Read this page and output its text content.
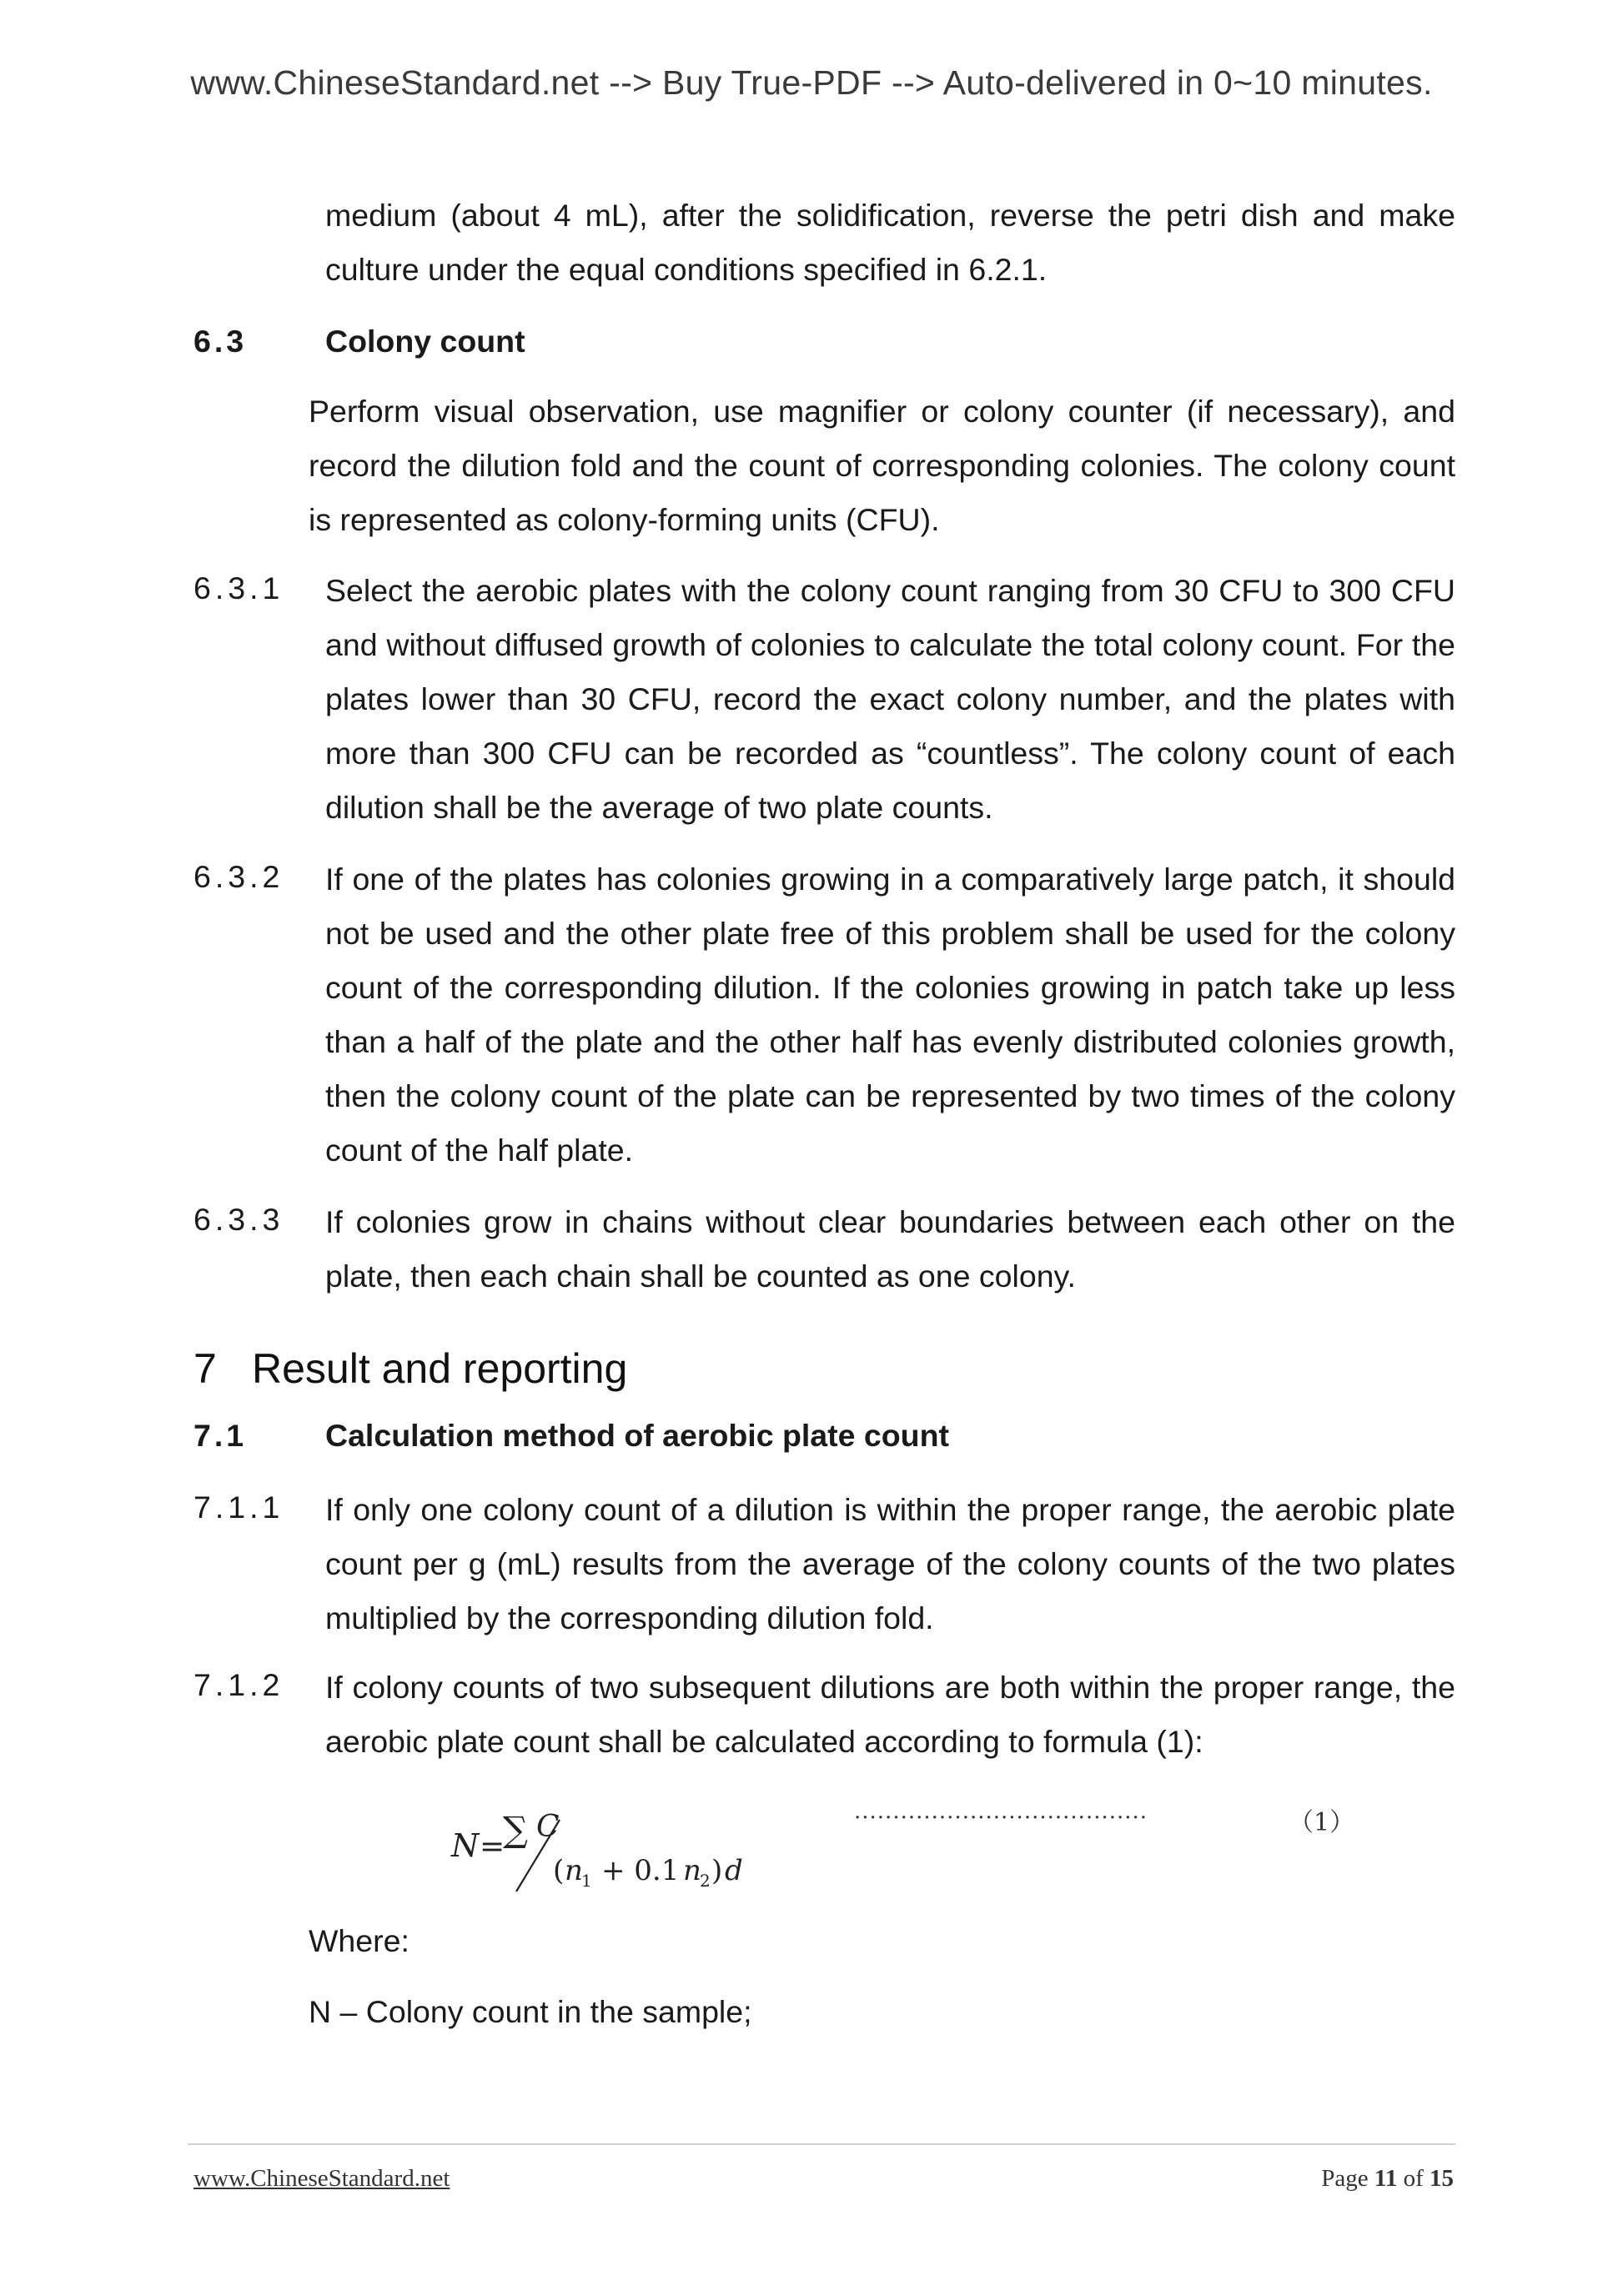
www.ChineseStandard.net --> Buy True-PDF --> Auto-delivered in 0~10 minutes.

medium (about 4 mL), after the solidification, reverse the petri dish and make culture under the equal conditions specified in 6.2.1.

6.3	Colony count

Perform visual observation, use magnifier or colony counter (if necessary), and record the dilution fold and the count of corresponding colonies. The colony count is represented as colony-forming units (CFU).

6.3.1 Select the aerobic plates with the colony count ranging from 30 CFU to 300 CFU and without diffused growth of colonies to calculate the total colony count. For the plates lower than 30 CFU, record the exact colony number, and the plates with more than 300 CFU can be recorded as “countless”. The colony count of each dilution shall be the average of two plate counts.

6.3.2 If one of the plates has colonies growing in a comparatively large patch, it should not be used and the other plate free of this problem shall be used for the colony count of the corresponding dilution. If the colonies growing in patch take up less than a half of the plate and the other half has evenly distributed colonies growth, then the colony count of the plate can be represented by two times of the colony count of the half plate.

6.3.3 If colonies grow in chains without clear boundaries between each other on the plate, then each chain shall be counted as one colony.

7 Result and reporting
7.1	Calculation method of aerobic plate count
7.1.1 If only one colony count of a dilution is within the proper range, the aerobic plate count per g (mL) results from the average of the colony counts of the two plates multiplied by the corresponding dilution fold.

7.1.2 If colony counts of two subsequent dilutions are both within the proper range, the aerobic plate count shall be calculated according to formula (1):

N =
∑ C
( n
1 + 0.1 n
2 ) d
······································	（1）

Where:

N – Colony count in the sample;

www.ChineseStandard.net	Page 11 of 15
